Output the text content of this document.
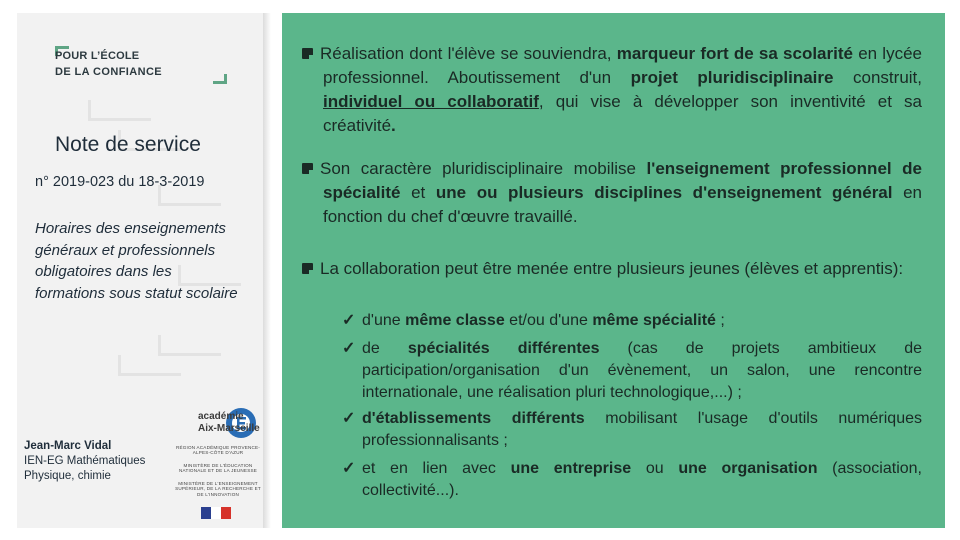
POUR L’ÉCOLE
DE LA CONFIANCE
Note de service
n° 2019-023 du 18-3-2019
Horaires des enseignements généraux et professionnels obligatoires dans les formations sous statut scolaire
Jean-Marc Vidal
IEN-EG Mathématiques
Physique, chimie
académie
Aix-Marseille
RÉGION ACADÉMIQUE PROVENCE-ALPES-CÔTE D'AZUR
MINISTÈRE DE L'ÉDUCATION NATIONALE ET DE LA JEUNESSE
MINISTÈRE DE L'ENSEIGNEMENT SUPÉRIEUR, DE LA RECHERCHE ET DE L'INNOVATION
Réalisation dont l'élève se souviendra, marqueur fort de sa scolarité en lycée professionnel. Aboutissement d'un projet pluridisciplinaire construit, individuel ou collaboratif, qui vise à développer son inventivité et sa créativité.
Son caractère pluridisciplinaire mobilise l'enseignement professionnel de spécialité et une ou plusieurs disciplines d'enseignement général en fonction du chef d'œuvre travaillé.
La collaboration peut être menée entre plusieurs jeunes (élèves et apprentis):
✓ d'une même classe et/ou d'une même spécialité ;
✓ de spécialités différentes (cas de projets ambitieux de participation/organisation d'un évènement, un salon, une rencontre internationale, une réalisation pluri technologique,...) ;
✓ d'établissements différents mobilisant l'usage d'outils numériques professionnalisants ;
✓ et en lien avec une entreprise ou une organisation (association, collectivité...).
